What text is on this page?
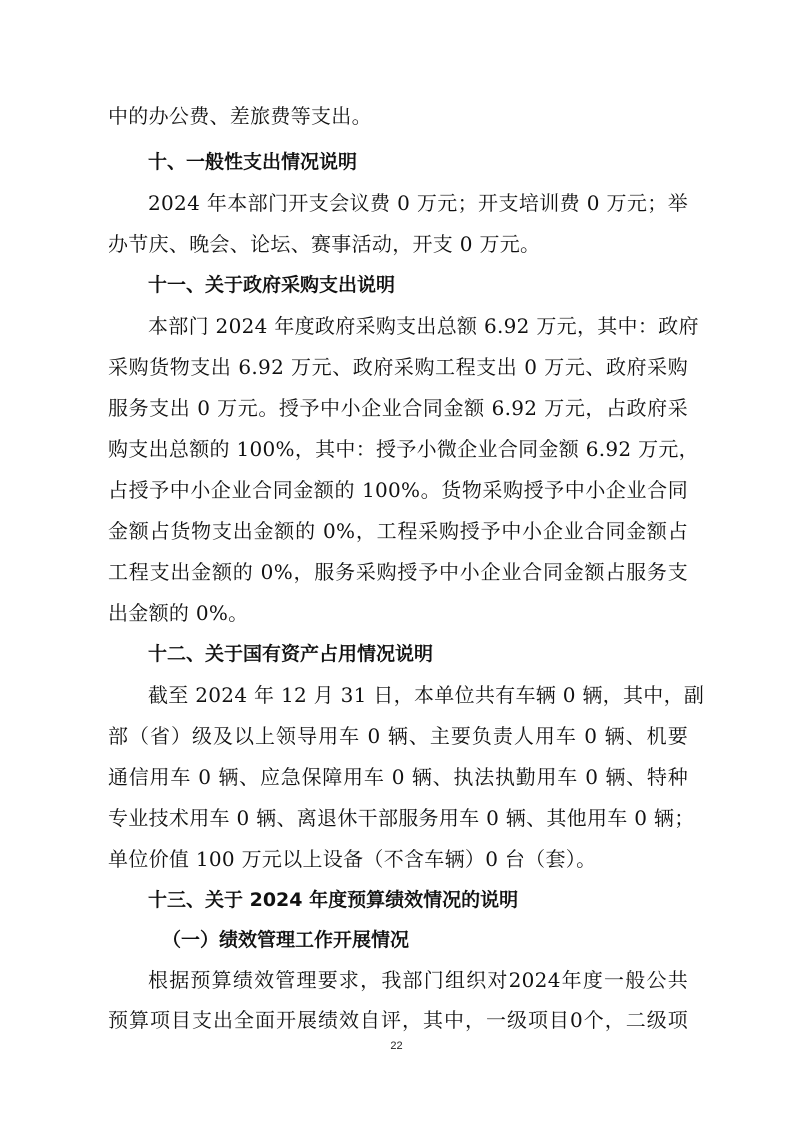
中的办公费、差旅费等支出。
十、一般性支出情况说明
2024 年本部门开支会议费 0 万元；开支培训费 0 万元；举
办节庆、晚会、论坛、赛事活动，开支 0 万元。
十一、关于政府采购支出说明
本部门 2024 年度政府采购支出总额 6.92 万元，其中：政府
采购货物支出 6.92 万元、政府采购工程支出 0 万元、政府采购
服务支出 0 万元。授予中小企业合同金额 6.92 万元，占政府采
购支出总额的 100%，其中：授予小微企业合同金额 6.92 万元，
占授予中小企业合同金额的 100%。货物采购授予中小企业合同
金额占货物支出金额的 0%，工程采购授予中小企业合同金额占
工程支出金额的 0%，服务采购授予中小企业合同金额占服务支
出金额的 0%。
十二、关于国有资产占用情况说明
截至 2024 年 12 月 31 日，本单位共有车辆 0 辆，其中，副
部（省）级及以上领导用车 0 辆、主要负责人用车 0 辆、机要
通信用车 0 辆、应急保障用车 0 辆、执法执勤用车 0 辆、特种
专业技术用车 0 辆、离退休干部服务用车 0 辆、其他用车 0 辆；
单位价值 100 万元以上设备（不含车辆）0 台（套）。
十三、关于 2024 年度预算绩效情况的说明
（一）绩效管理工作开展情况
根据预算绩效管理要求，我部门组织对2024年度一般公共
预算项目支出全面开展绩效自评，其中，一级项目0个，二级项
22
